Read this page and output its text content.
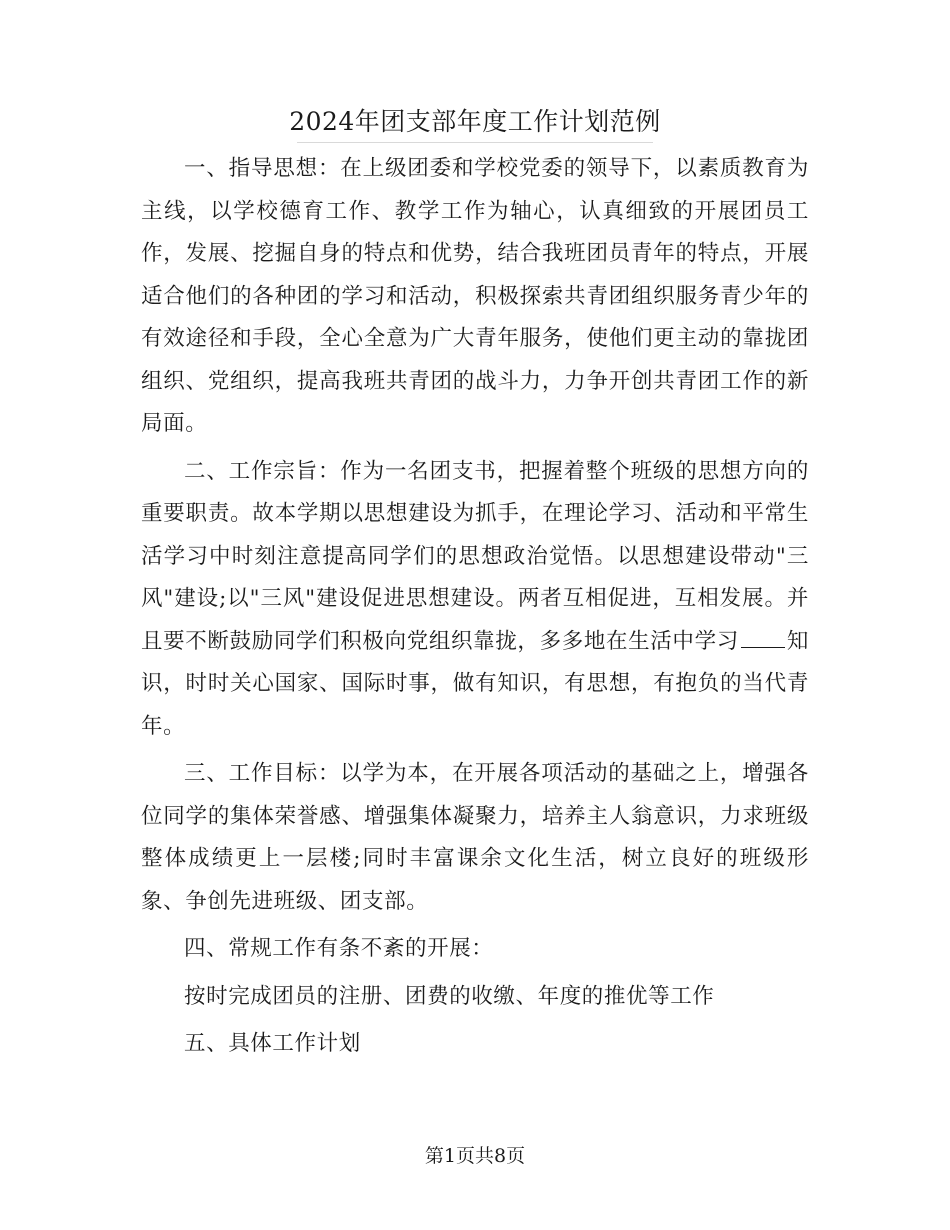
2024年团支部年度工作计划范例

一、指导思想：在上级团委和学校党委的领导下，以素质教育为主线，以学校德育工作、教学工作为轴心，认真细致的开展团员工作，发展、挖掘自身的特点和优势，结合我班团员青年的特点，开展适合他们的各种团的学习和活动，积极探索共青团组织服务青少年的有效途径和手段，全心全意为广大青年服务，使他们更主动的靠拢团组织、党组织，提高我班共青团的战斗力，力争开创共青团工作的新局面。

二、工作宗旨：作为一名团支书，把握着整个班级的思想方向的重要职责。故本学期以思想建设为抓手，在理论学习、活动和平常生活学习中时刻注意提高同学们的思想政治觉悟。以思想建设带动"三风"建设;以"三风"建设促进思想建设。两者互相促进，互相发展。并且要不断鼓励同学们积极向党组织靠拢，多多地在生活中学习 知识，时时关心国家、国际时事，做有知识，有思想，有抱负的当代青年。

三、工作目标：以学为本，在开展各项活动的基础之上，增强各位同学的集体荣誉感、增强集体凝聚力，培养主人翁意识，力求班级整体成绩更上一层楼;同时丰富课余文化生活，树立良好的班级形象、争创先进班级、团支部。

四、常规工作有条不紊的开展：

按时完成团员的注册、团费的收缴、年度的推优等工作

五、具体工作计划

第1页共8页
